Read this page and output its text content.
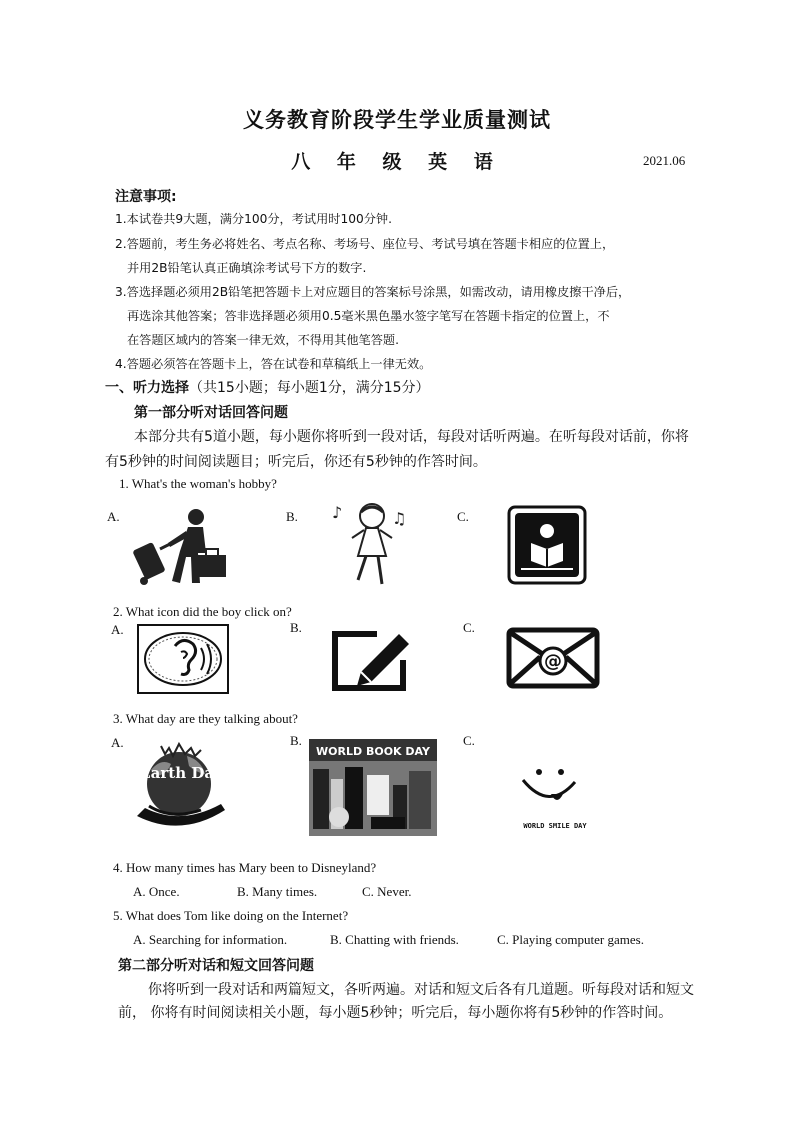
义务教育阶段学生学业质量测试
八 年 级 英 语	2021.06
注意事项:
1.本试卷共9大题，满分100分，考试用时100分钟.
2.答题前，考生务必将姓名、考点名称、考场号、座位号、考试号填在答题卡相应的位置上，
并用2B铅笔认真正确填涂考试号下方的数字.
3.答选择题必须用2B铅笔把答题卡上对应题目的答案标号涂黑，如需改动，请用橡皮擦干净后，
再选涂其他答案；答非选择题必须用0.5毫米黑色墨水签字笔写在答题卡指定的位置上，不
在答题区域内的答案一律无效，不得用其他笔答题.
4.答题必须答在答题卡上，答在试卷和草稿纸上一律无效。
一、听力选择（共15小题；每小题1分，满分15分）
第一部分听对话回答问题
本部分共有5道小题，每小题你将听到一段对话，每段对话听两遍。在听每段对话前，你将
有5秒钟的时间阅读题目；听完后，你还有5秒钟的作答时间。
1. What's the woman's hobby?
A.	B.	C.
♪	♫
2. What icon did the boy click on?
A.	B.	C.
@
3. What day are they talking about?
A.	B.	C.
Earth Day
WORLD BOOK DAY
WORLD SMILE DAY
4. How many times has Mary been to Disneyland?
A. Once.	B. Many times.	C. Never.
5. What does Tom like doing on the Internet?
A. Searching for information.	B. Chatting with friends.	C. Playing computer games.
第二部分听对话和短文回答问题
你将听到一段对话和两篇短文，各听两遍。对话和短文后各有几道题。听每段对话和短文
前， 你将有时间阅读相关小题，每小题5秒钟；听完后，每小题你将有5秒钟的作答时间。
